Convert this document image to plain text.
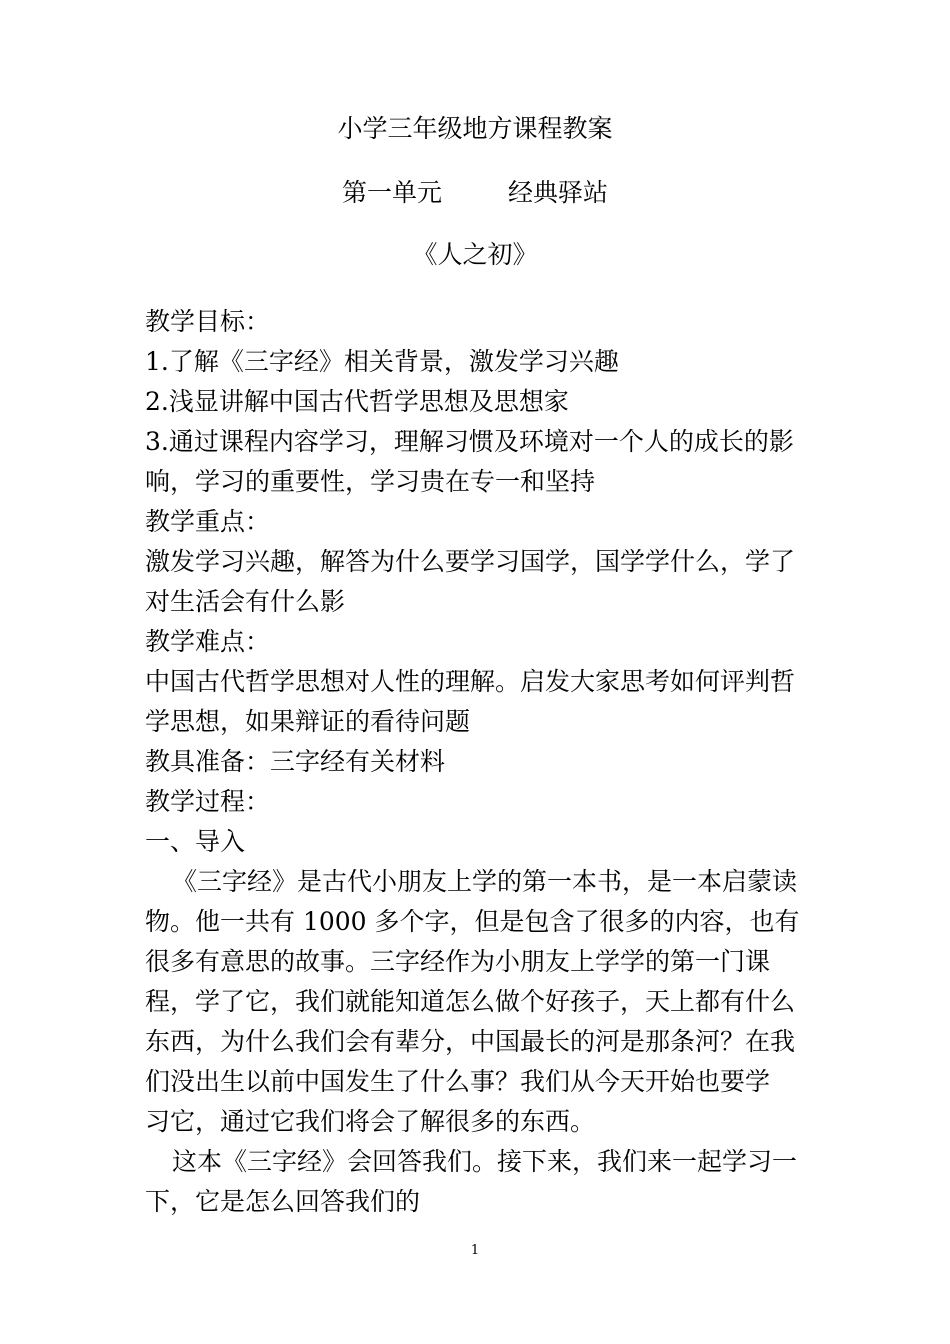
小学三年级地方课程教案
第一单元	经典驿站
《人之初》
教学目标：
1.了解《三字经》相关背景，激发学习兴趣
2.浅显讲解中国古代哲学思想及思想家
3.通过课程内容学习，理解习惯及环境对一个人的成长的影
响，学习的重要性，学习贵在专一和坚持
教学重点：
激发学习兴趣，解答为什么要学习国学，国学学什么，学了
对生活会有什么影
教学难点：
中国古代哲学思想对人性的理解。启发大家思考如何评判哲
学思想，如果辩证的看待问题
教具准备：三字经有关材料
教学过程：
一、导入
《三字经》是古代小朋友上学的第一本书，是一本启蒙读
物。他一共有 1000 多个字，但是包含了很多的内容，也有
很多有意思的故事。三字经作为小朋友上学学的第一门课
程，学了它，我们就能知道怎么做个好孩子，天上都有什么
东西，为什么我们会有辈分，中国最长的河是那条河？在我
们没出生以前中国发生了什么事？我们从今天开始也要学
习它，通过它我们将会了解很多的东西。
这本《三字经》会回答我们。接下来，我们来一起学习一
下，它是怎么回答我们的
1
